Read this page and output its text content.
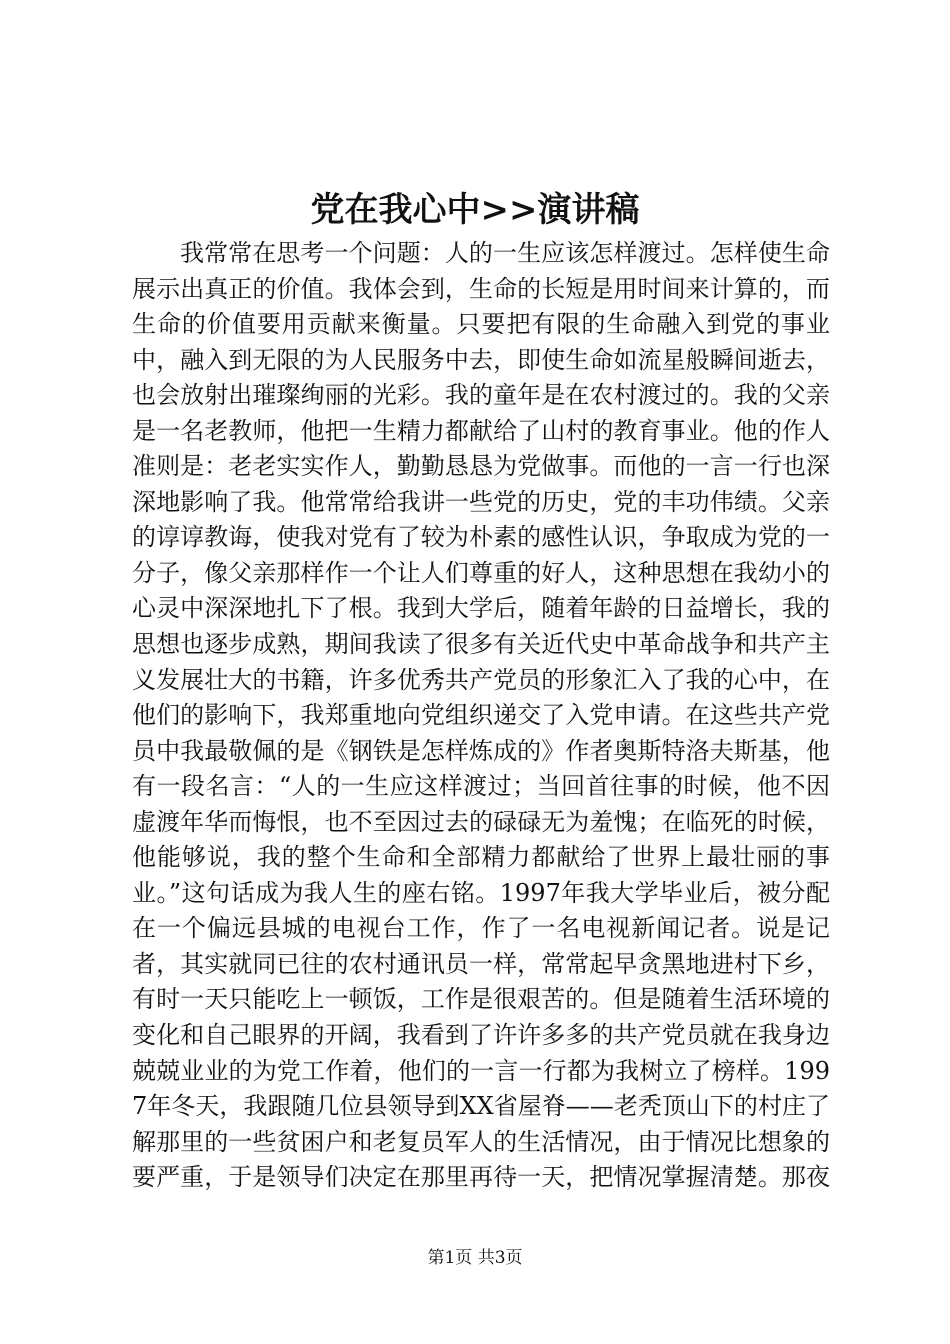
党在我心中>>演讲稿

我常常在思考一个问题：人的一生应该怎样渡过。怎样使生命展示出真正的价值。我体会到，生命的长短是用时间来计算的，而生命的价值要用贡献来衡量。只要把有限的生命融入到党的事业中，融入到无限的为人民服务中去，即使生命如流星般瞬间逝去，也会放射出璀璨绚丽的光彩。我的童年是在农村渡过的。我的父亲是一名老教师，他把一生精力都献给了山村的教育事业。他的作人准则是：老老实实作人，勤勤恳恳为党做事。而他的一言一行也深深地影响了我。他常常给我讲一些党的历史，党的丰功伟绩。父亲的谆谆教诲，使我对党有了较为朴素的感性认识，争取成为党的一分子，像父亲那样作一个让人们尊重的好人，这种思想在我幼小的心灵中深深地扎下了根。我到大学后，随着年龄的日益增长，我的思想也逐步成熟，期间我读了很多有关近代史中革命战争和共产主义发展壮大的书籍，许多优秀共产党员的形象汇入了我的心中，在他们的影响下，我郑重地向党组织递交了入党申请。在这些共产党员中我最敬佩的是《钢铁是怎样炼成的》作者奥斯特洛夫斯基，他有一段名言：“人的一生应这样渡过；当回首往事的时候，他不因虚渡年华而悔恨，也不至因过去的碌碌无为羞愧；在临死的时候，他能够说，我的整个生命和全部精力都献给了世界上最壮丽的事业。”这句话成为我人生的座右铭。1997年我大学毕业后，被分配在一个偏远县城的电视台工作，作了一名电视新闻记者。说是记者，其实就同已往的农村通讯员一样，常常起早贪黑地进村下乡，有时一天只能吃上一顿饭，工作是很艰苦的。但是随着生活环境的变化和自己眼界的开阔，我看到了许许多多的共产党员就在我身边兢兢业业的为党工作着，他们的一言一行都为我树立了榜样。1997年冬天，我跟随几位县领导到XX省屋脊——老秃顶山下的村庄了解那里的一些贫困户和老复员军人的生活情况，由于情况比想象的要严重，于是领导们决定在那里再待一天，把情况掌握清楚。那夜

第1页 共3页
